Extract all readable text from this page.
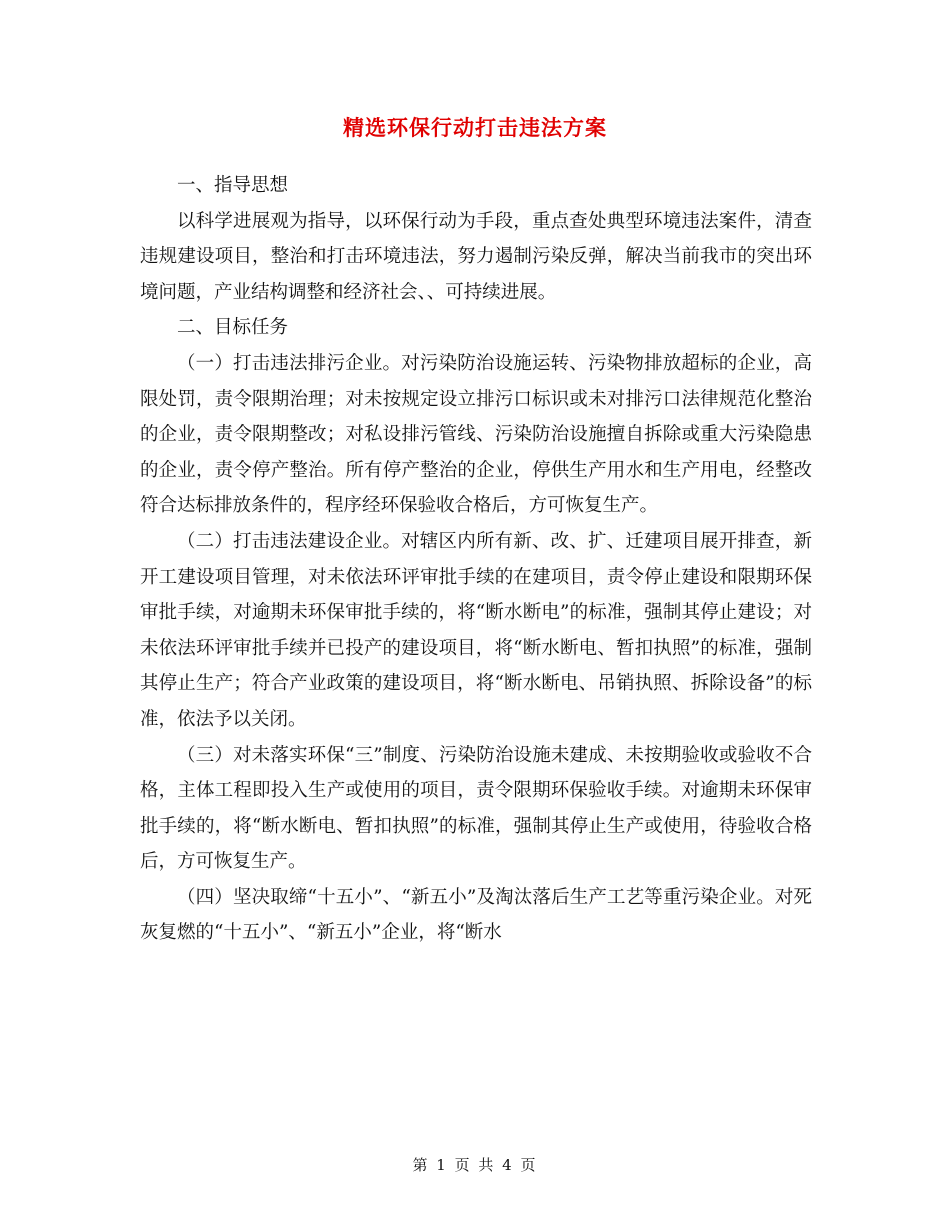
精选环保行动打击违法方案

一、指导思想

以科学进展观为指导，以环保行动为手段，重点查处典型环境违法案件，清查违规建设项目，整治和打击环境违法，努力遏制污染反弹，解决当前我市的突出环境问题，产业结构调整和经济社会、、可持续进展。

二、目标任务

（一）打击违法排污企业。对污染防治设施运转、污染物排放超标的企业，高限处罚，责令限期治理；对未按规定设立排污口标识或未对排污口法律规范化整治的企业，责令限期整改；对私设排污管线、污染防治设施擅自拆除或重大污染隐患的企业，责令停产整治。所有停产整治的企业，停供生产用水和生产用电，经整改符合达标排放条件的，程序经环保验收合格后，方可恢复生产。

（二）打击违法建设企业。对辖区内所有新、改、扩、迁建项目展开排查，新开工建设项目管理，对未依法环评审批手续的在建项目，责令停止建设和限期环保审批手续，对逾期未环保审批手续的，将“断水断电”的标准，强制其停止建设；对未依法环评审批手续并已投产的建设项目，将“断水断电、暂扣执照”的标准，强制其停止生产；符合产业政策的建设项目，将“断水断电、吊销执照、拆除设备”的标准，依法予以关闭。

（三）对未落实环保“三”制度、污染防治设施未建成、未按期验收或验收不合格，主体工程即投入生产或使用的项目，责令限期环保验收手续。对逾期未环保审批手续的，将“断水断电、暂扣执照”的标准，强制其停止生产或使用，待验收合格后，方可恢复生产。

（四）坚决取缔“十五小”、“新五小”及淘汰落后生产工艺等重污染企业。对死灰复燃的“十五小”、“新五小”企业，将“断水

第 1 页 共 4 页
